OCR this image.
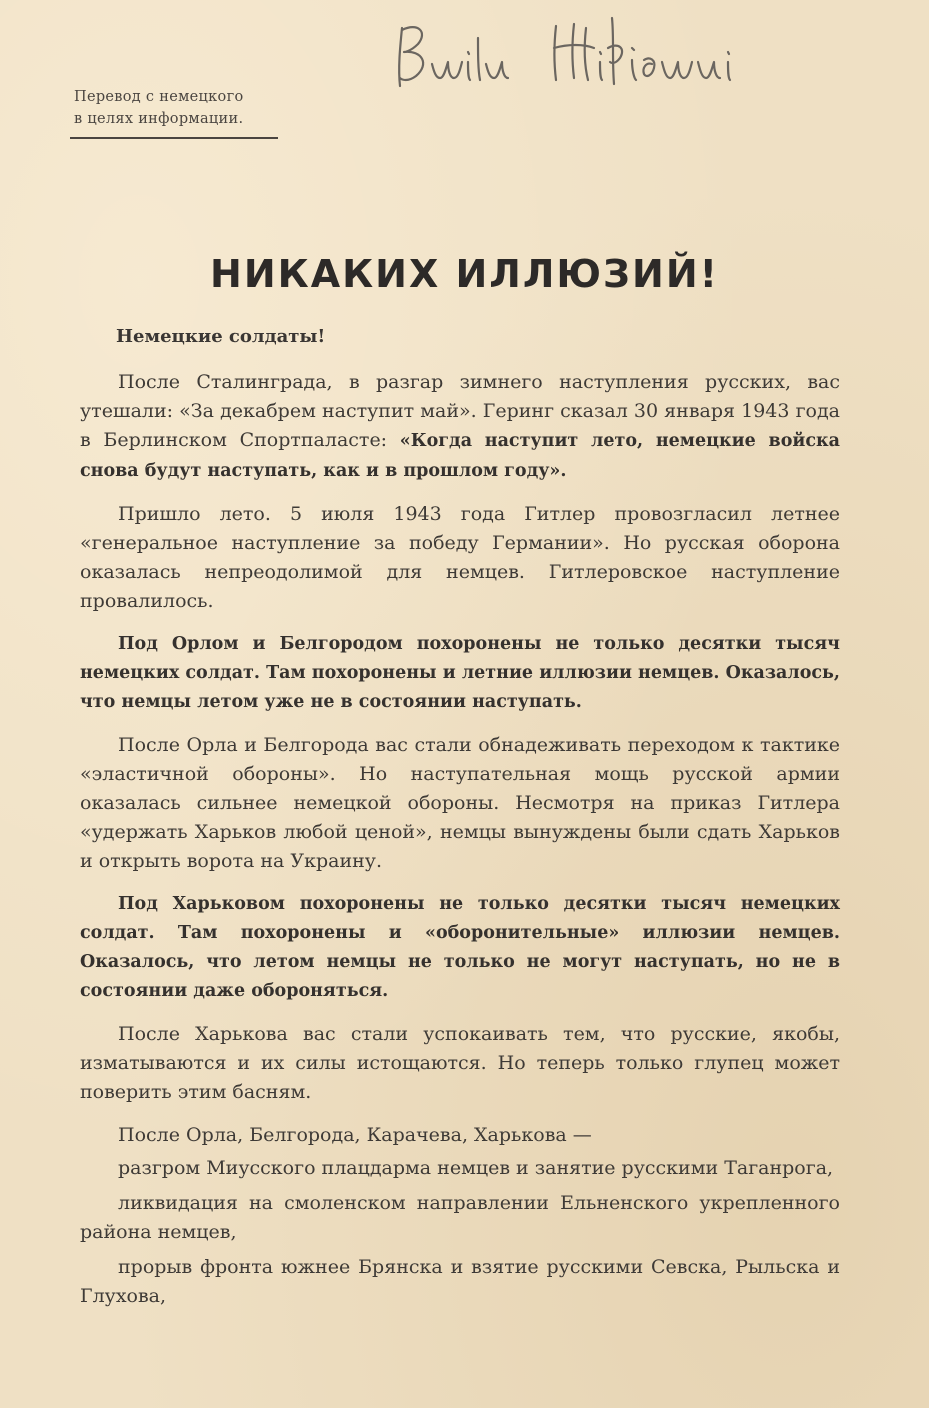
Перевод с немецкого
в целях информации.
НИКАКИХ ИЛЛЮЗИЙ!
Немецкие солдаты!

После Сталинграда, в разгар зимнего наступления русских, вас утешали: «За декабрем наступит май». Геринг сказал 30 января 1943 года в Берлинском Спортпаласте: «Когда наступит лето, немецкие войска снова будут наступать, как и в прошлом году».

Пришло лето. 5 июля 1943 года Гитлер провозгласил летнее «генеральное наступление за победу Германии». Но русская оборона оказалась непреодолимой для немцев. Гитлеровское наступление провалилось.

Под Орлом и Белгородом похоронены не только десятки тысяч немецких солдат. Там похоронены и летние иллюзии немцев. Оказалось, что немцы летом уже не в состоянии наступать.

После Орла и Белгорода вас стали обнадеживать переходом к тактике «эластичной обороны». Но наступательная мощь русской армии оказалась сильнее немецкой обороны. Несмотря на приказ Гитлера «удержать Харьков любой ценой», немцы вынуждены были сдать Харьков и открыть ворота на Украину.

Под Харьковом похоронены не только десятки тысяч немецких солдат. Там похоронены и «оборонительные» иллюзии немцев. Оказалось, что летом немцы не только не могут наступать, но не в состоянии даже обороняться.

После Харькова вас стали успокаивать тем, что русские, якобы, изматываются и их силы истощаются. Но теперь только глупец может поверить этим басням.

После Орла, Белгорода, Карачева, Харькова —

разгром Миусского плацдарма немцев и занятие русскими Таганрога,

ликвидация на смоленском направлении Ельненского укрепленного района немцев,

прорыв фронта южнее Брянска и взятие русскими Севска, Рыльска и Глухова,
